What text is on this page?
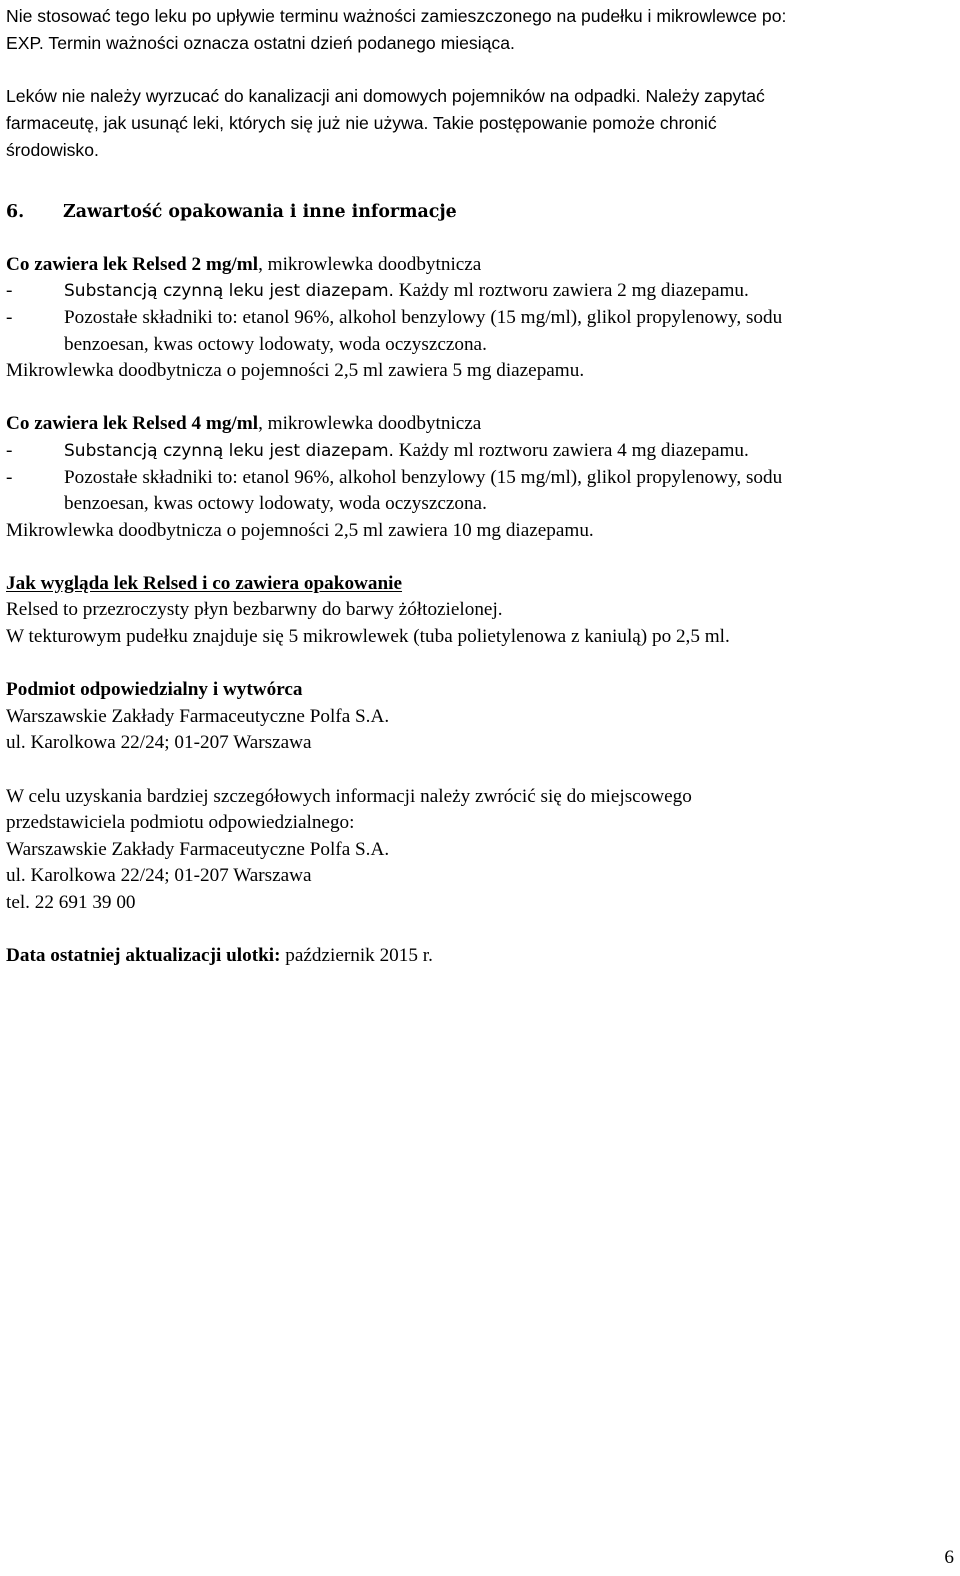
Nie stosować tego leku po upływie terminu ważności zamieszczonego na pudełku i mikrowlewce po:

EXP. Termin ważności oznacza ostatni dzień podanego miesiąca.

Leków nie należy wyrzucać do kanalizacji ani domowych pojemników na odpadki. Należy zapytać

farmaceutę, jak usunąć leki, których się już nie używa. Takie postępowanie pomoże chronić

środowisko.

6.	Zawartość opakowania i inne informacje

Co zawiera lek Relsed 2 mg/ml, mikrowlewka doodbytnicza

-	Substancją czynną leku jest diazepam. Każdy ml roztworu zawiera 2 mg diazepamu.
-	Pozostałe składniki to: etanol 96%, alkohol benzylowy (15 mg/ml), glikol propylenowy, sodu

benzoesan, kwas octowy lodowaty, woda oczyszczona.

Mikrowlewka doodbytnicza o pojemności 2,5 ml zawiera 5 mg diazepamu.

Co zawiera lek Relsed 4 mg/ml, mikrowlewka doodbytnicza

-	Substancją czynną leku jest diazepam. Każdy ml roztworu zawiera 4 mg diazepamu.
-	Pozostałe składniki to: etanol 96%, alkohol benzylowy (15 mg/ml), glikol propylenowy, sodu

benzoesan, kwas octowy lodowaty, woda oczyszczona.

Mikrowlewka doodbytnicza o pojemności 2,5 ml zawiera 10 mg diazepamu.

Jak wygląda lek Relsed i co zawiera opakowanie

Relsed to przezroczysty płyn bezbarwny do barwy żółtozielonej.

W tekturowym pudełku znajduje się 5 mikrowlewek (tuba polietylenowa z kaniulą) po 2,5 ml.

Podmiot odpowiedzialny i wytwórca

Warszawskie Zakłady Farmaceutyczne Polfa S.A.

ul. Karolkowa 22/24; 01-207 Warszawa

W celu uzyskania bardziej szczegółowych informacji należy zwrócić się do miejscowego

przedstawiciela podmiotu odpowiedzialnego:

Warszawskie Zakłady Farmaceutyczne Polfa S.A.

ul. Karolkowa 22/24; 01-207 Warszawa

tel. 22 691 39 00

Data ostatniej aktualizacji ulotki: październik 2015 r.

6
